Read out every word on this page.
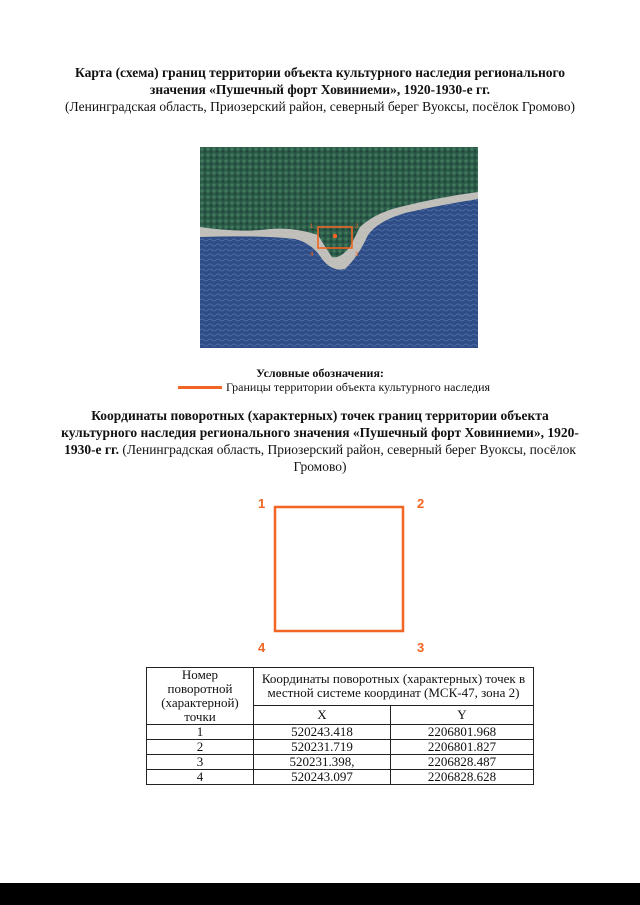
Карта (схема) границ территории объекта культурного наследия регионального значения «Пушечный форт Ховиниеми», 1920-1930-е гг.
(Ленинградская область, Приозерский район, северный берег Вуоксы, посёлок Громово)
1	2
3
4
Условные обозначения:
Границы территории объекта культурного наследия
Координаты поворотных (характерных) точек границ территории объекта культурного наследия регионального значения «Пушечный форт Ховиниеми», 1920-1930-е гг. (Ленинградская область, Приозерский район, северный берег Вуоксы, посёлок Громово)
1	2
3
4
Номер поворотной (характерной) точки	Координаты поворотных (характерных) точек в местной системе координат (МСК-47, зона 2)	
	X	Y
1	520243.418	2206801.968
2	520231.719	2206801.827
3	520231.398,	2206828.487
4	520243.097	2206828.628
